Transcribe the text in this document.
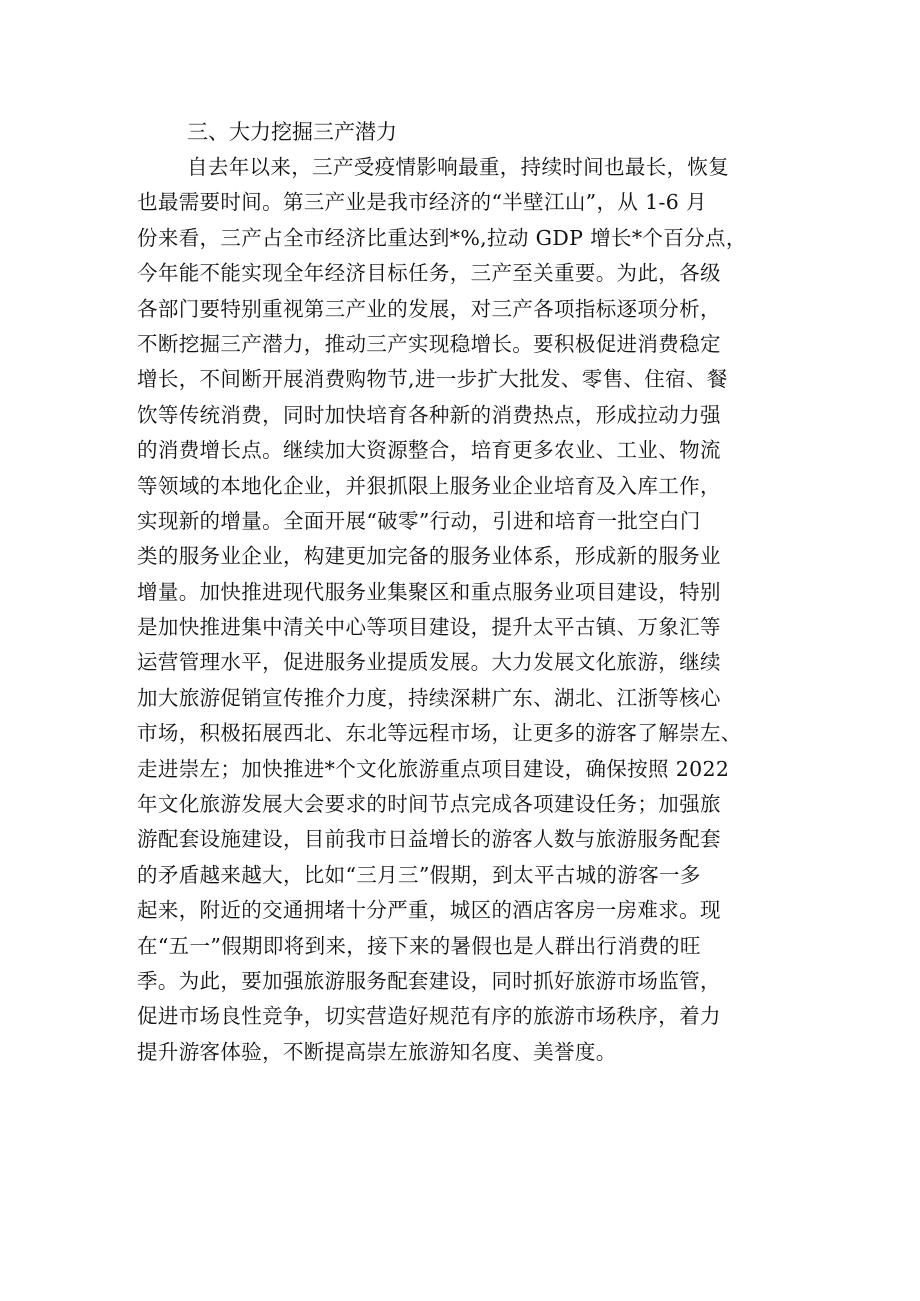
三、大力挖掘三产潜力
自去年以来，三产受疫情影响最重，持续时间也最长，恢复
也最需要时间。第三产业是我市经济的“半壁江山”，从 1-6 月
份来看，三产占全市经济比重达到*%,拉动 GDP 增长*个百分点，
今年能不能实现全年经济目标任务，三产至关重要。为此，各级
各部门要特别重视第三产业的发展，对三产各项指标逐项分析，
不断挖掘三产潜力，推动三产实现稳增长。要积极促进消费稳定
增长，不间断开展消费购物节,进一步扩大批发、零售、住宿、餐
饮等传统消费，同时加快培育各种新的消费热点，形成拉动力强
的消费增长点。继续加大资源整合，培育更多农业、工业、物流
等领域的本地化企业，并狠抓限上服务业企业培育及入库工作，
实现新的增量。全面开展“破零”行动，引进和培育一批空白门
类的服务业企业，构建更加完备的服务业体系，形成新的服务业
增量。加快推进现代服务业集聚区和重点服务业项目建设，特别
是加快推进集中清关中心等项目建设，提升太平古镇、万象汇等
运营管理水平，促进服务业提质发展。大力发展文化旅游，继续
加大旅游促销宣传推介力度，持续深耕广东、湖北、江浙等核心
市场，积极拓展西北、东北等远程市场，让更多的游客了解崇左、
走进崇左；加快推进*个文化旅游重点项目建设，确保按照 2022
年文化旅游发展大会要求的时间节点完成各项建设任务；加强旅
游配套设施建设，目前我市日益增长的游客人数与旅游服务配套
的矛盾越来越大，比如“三月三”假期，到太平古城的游客一多
起来，附近的交通拥堵十分严重，城区的酒店客房一房难求。现
在“五一”假期即将到来，接下来的暑假也是人群出行消费的旺
季。为此，要加强旅游服务配套建设，同时抓好旅游市场监管，
促进市场良性竞争，切实营造好规范有序的旅游市场秩序，着力
提升游客体验，不断提高崇左旅游知名度、美誉度。
